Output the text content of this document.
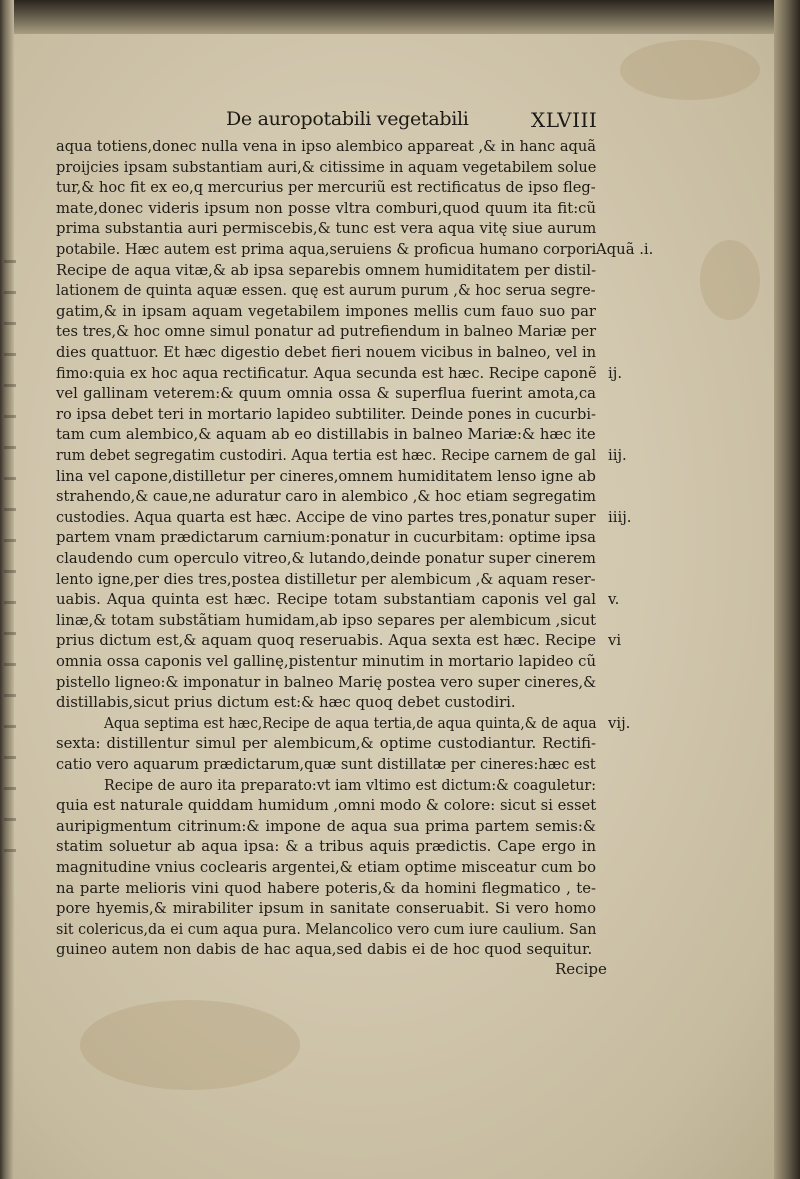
De auropotabili vegetabili	XLVIII
aqua totiens,donec nulla vena in ipso alembico appareat ,& in hanc aquã
proijcies ipsam substantiam auri,& citissime in aquam vegetabilem solue
tur,& hoc fit ex eo,q mercurius per mercuriũ est rectificatus de ipso fleg-
mate,donec videris ipsum non posse vltra comburi,quod quum ita fit:cũ
prima substantia auri permiscebis,& tunc est vera aqua vitę siue aurum
potabile. Hæc autem est prima aqua,seruiens & proficua humano corpori
Recipe de aqua vitæ,& ab ipsa separebis omnem humiditatem per distil-
lationem de quinta aquæ essen. quę est aurum purum ,& hoc serua segre-
gatim,& in ipsam aquam vegetabilem impones mellis cum fauo suo par
tes tres,& hoc omne simul ponatur ad putrefiendum in balneo Mariæ per
dies quattuor. Et hæc digestio debet fieri nouem vicibus in balneo, vel in
fimo:quia ex hoc aqua rectificatur. Aqua secunda est hæc. Recipe caponẽ
vel gallinam veterem:& quum omnia ossa & superflua fuerint amota,ca
ro ipsa debet teri in mortario lapideo subtiliter. Deinde pones in cucurbi-
tam cum alembico,& aquam ab eo distillabis in balneo Mariæ:& hæc ite
rum debet segregatim custodiri. Aqua tertia est hæc. Recipe carnem de gal
lina vel capone,distilletur per cineres,omnem humiditatem lenso igne ab
strahendo,& caue,ne aduratur caro in alembico ,& hoc etiam segregatim
custodies. Aqua quarta est hæc. Accipe de vino partes tres,ponatur super
partem vnam prædictarum carnium:ponatur in cucurbitam: optime ipsa
claudendo cum operculo vitreo,& lutando,deinde ponatur super cinerem
lento igne,per dies tres,postea distilletur per alembicum ,& aquam reser-
uabis. Aqua quinta est hæc. Recipe totam substantiam caponis vel gal
linæ,& totam substãtiam humidam,ab ipso separes per alembicum ,sicut
prius dictum est,& aquam quoq reseruabis. Aqua sexta est hæc. Recipe
omnia ossa caponis vel gallinę,pistentur minutim in mortario lapideo cũ
pistello ligneo:& imponatur in balneo Marię postea vero super cineres,&
distillabis,sicut prius dictum est:& hæc quoq debet custodiri.
Aqua septima est hæc,Recipe de aqua tertia,de aqua quinta,& de aqua
sexta: distillentur simul per alembicum,& optime custodiantur. Rectifi-
catio vero aquarum prædictarum,quæ sunt distillatæ per cineres:hæc est
Recipe de auro ita preparato:vt iam vltimo est dictum:& coaguletur:
quia est naturale quiddam humidum ,omni modo & colore: sicut si esset
auripigmentum citrinum:& impone de aqua sua prima partem semis:&
statim soluetur ab aqua ipsa: & a tribus aquis prædictis. Cape ergo in
magnitudine vnius coclearis argentei,& etiam optime misceatur cum bo
na parte melioris vini quod habere poteris,& da homini flegmatico , te-
pore hyemis,& mirabiliter ipsum in sanitate conseruabit. Si vero homo
sit colericus,da ei cum aqua pura. Melancolico vero cum iure caulium. San
guineo autem non dabis de hac aqua,sed dabis ei de hoc quod sequitur.
Aquã .i.
ij.
iij.
iiij.
v.
vi
vij.
Recipe
